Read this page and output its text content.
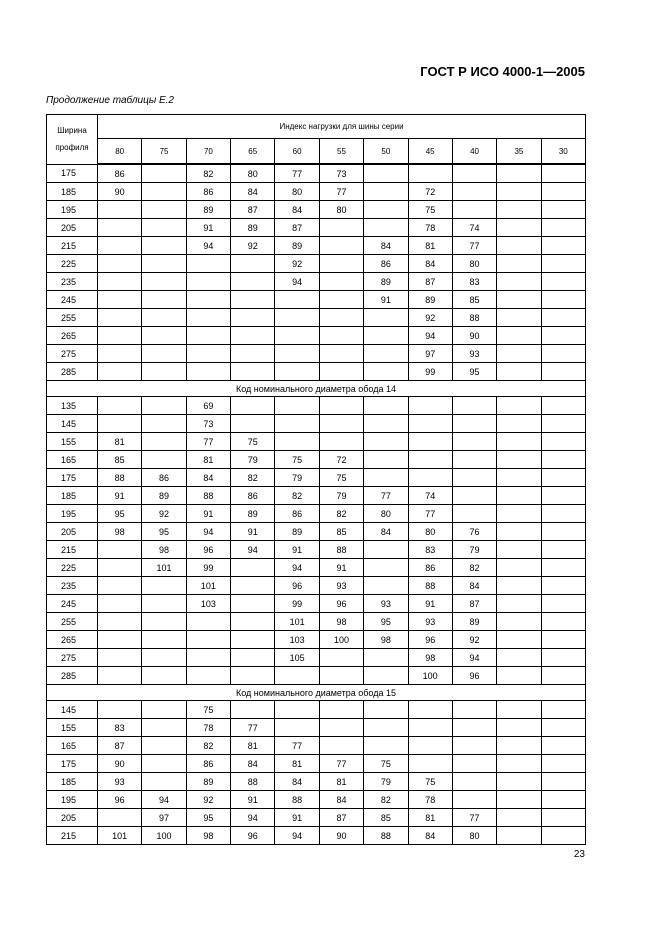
ГОСТ Р ИСО 4000-1—2005
Продолжение таблицы Е.2
Ширина профиля	Индекс нагрузки для шины серии										
	80	75	70	65	60	55	50	45	40	35	30
175	86		82	80	77	73					
185	90		86	84	80	77		72			
195			89	87	84	80		75			
205			91	89	87			78	74		
215			94	92	89		84	81	77		
225					92		86	84	80		
235					94		89	87	83		
245							91	89	85		
255								92	88		
265								94	90		
275								97	93		
285								99	95		
Код номинального диаметра обода 14											
135			69								
145			73								
155	81		77	75							
165	85		81	79	75	72					
175	88	86	84	82	79	75					
185	91	89	88	86	82	79	77	74			
195	95	92	91	89	86	82	80	77			
205	98	95	94	91	89	85	84	80	76		
215		98	96	94	91	88		83	79		
225		101	99		94	91		86	82		
235			101		96	93		88	84		
245			103		99	96	93	91	87		
255					101	98	95	93	89		
265					103	100	98	96	92		
275					105			98	94		
285								100	96		
Код номинального диаметра обода 15											
145			75								
155	83		78	77							
165	87		82	81	77						
175	90		86	84	81	77	75				
185	93		89	88	84	81	79	75			
195	96	94	92	91	88	84	82	78			
205		97	95	94	91	87	85	81	77		
215	101	100	98	96	94	90	88	84	80		
23
